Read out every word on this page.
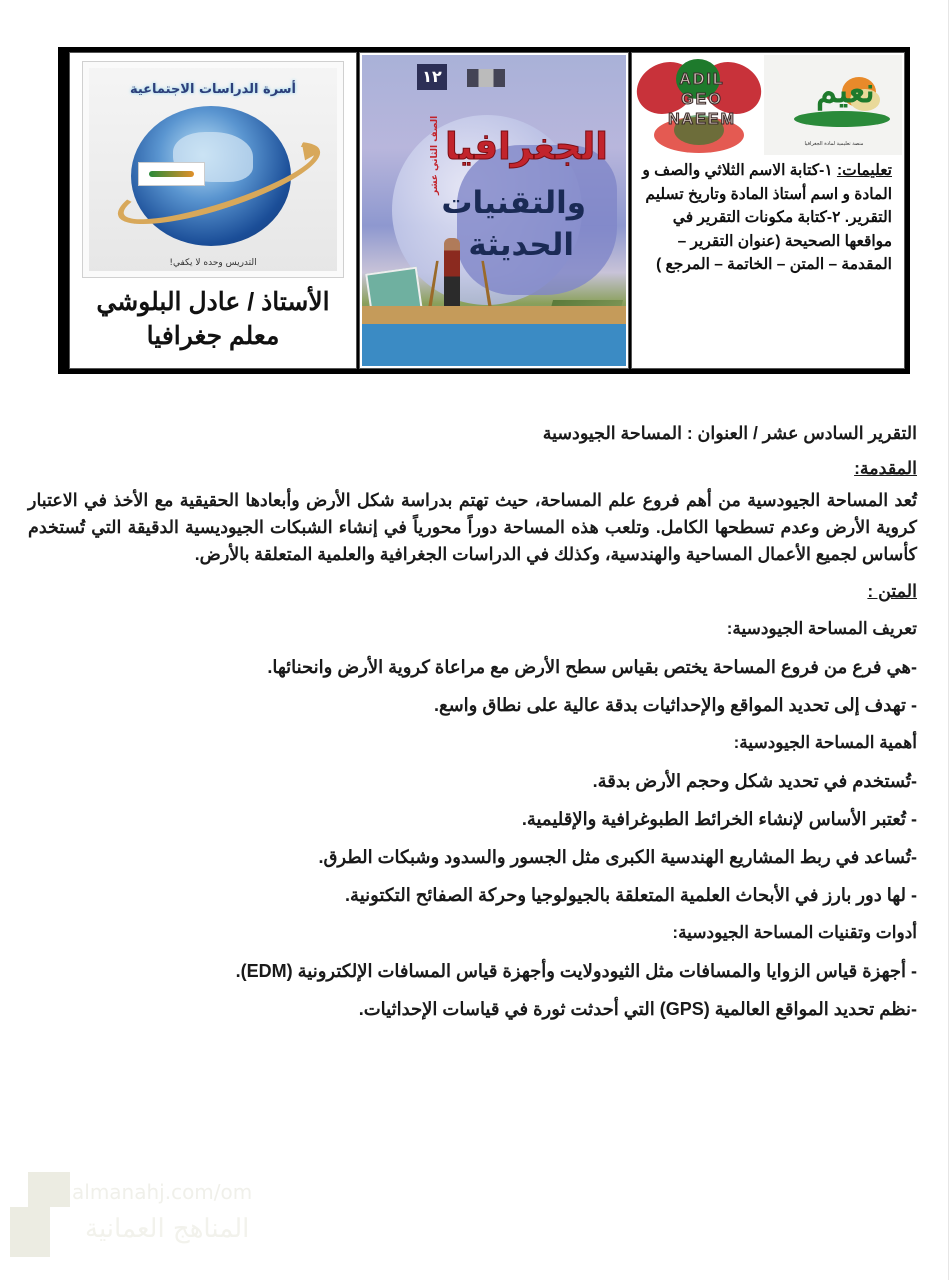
ADIL
GEO
NAEEM
نعيم
منصة تعليمية لمادة الجغرافيا
تعليمات: ١-كتابة الاسم الثلاثي والصف و المادة و اسم أستاذ المادة وتاريخ تسليم التقرير. ٢-كتابة مكونات التقرير في مواقعها الصحيحة (عنوان التقرير – المقدمة – المتن – الخاتمة – المرجع )
١٢
الجغرافيا
والتقنيات
الحديثة
الصف الثاني عشر
أسرة الدراسات الاجتماعية
التدريس وحده لا يكفي!
الأستاذ / عادل البلوشي
معلم جغرافيا

التقرير السادس عشر / العنوان : المساحة الجيودسية

المقدمة:

تُعد المساحة الجيودسية من أهم فروع علم المساحة، حيث تهتم بدراسة شكل الأرض وأبعادها الحقيقية مع الأخذ في الاعتبار كروية الأرض وعدم تسطحها الكامل. وتلعب هذه المساحة دوراً محورياً في إنشاء الشبكات الجيوديسية الدقيقة التي تُستخدم كأساس لجميع الأعمال المساحية والهندسية، وكذلك في الدراسات الجغرافية والعلمية المتعلقة بالأرض.

المتن :

تعريف المساحة الجيودسية:

-هي فرع من فروع المساحة يختص بقياس سطح الأرض مع مراعاة كروية الأرض وانحنائها.

- تهدف إلى تحديد المواقع والإحداثيات بدقة عالية على نطاق واسع.

أهمية المساحة الجيودسية:

-تُستخدم في تحديد شكل وحجم الأرض بدقة.

- تُعتبر الأساس لإنشاء الخرائط الطبوغرافية والإقليمية.

-تُساعد في ربط المشاريع الهندسية الكبرى مثل الجسور والسدود وشبكات الطرق.

- لها دور بارز في الأبحاث العلمية المتعلقة بالجيولوجيا وحركة الصفائح التكتونية.

أدوات وتقنيات المساحة الجيودسية:

- أجهزة قياس الزوايا والمسافات مثل الثيودولايت وأجهزة قياس المسافات الإلكترونية (EDM).

-نظم تحديد المواقع العالمية (GPS) التي أحدثت ثورة في قياسات الإحداثيات.

almanahj.com/om
المناهج العمانية
